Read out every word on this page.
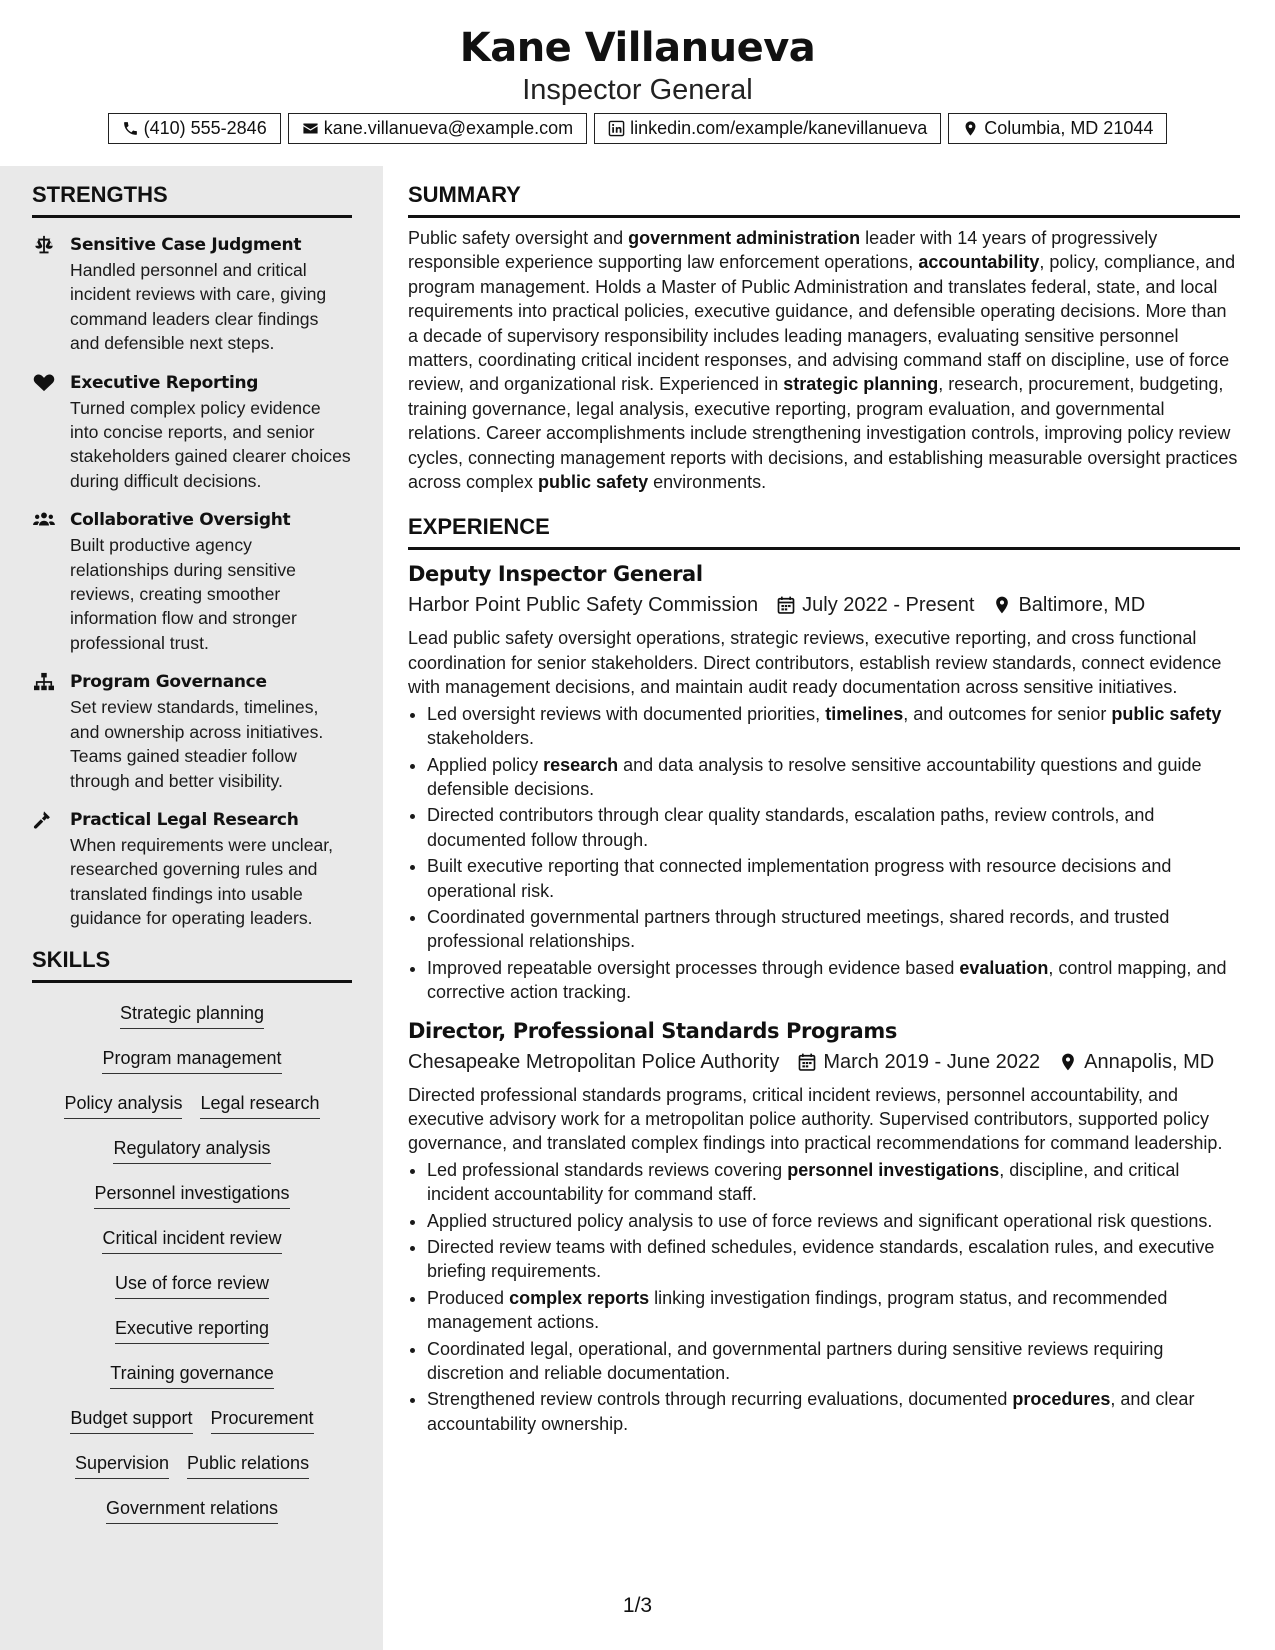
Kane Villanueva
Inspector General
(410) 555-2846	kane.villanueva@example.com	linkedin.com/example/kanevillanueva	Columbia, MD 21044
STRENGTHS
Sensitive Case Judgment
Handled personnel and critical incident reviews with care, giving command leaders clear findings and defensible next steps.
Executive Reporting
Turned complex policy evidence into concise reports, and senior stakeholders gained clearer choices during difficult decisions.
Collaborative Oversight
Built productive agency relationships during sensitive reviews, creating smoother information flow and stronger professional trust.
Program Governance
Set review standards, timelines, and ownership across initiatives. Teams gained steadier follow through and better visibility.
Practical Legal Research
When requirements were unclear, researched governing rules and translated findings into usable guidance for operating leaders.
SKILLS
Strategic planning
Program management
Policy analysis Legal research
Regulatory analysis
Personnel investigations
Critical incident review
Use of force review
Executive reporting
Training governance
Budget support Procurement
Supervision Public relations
Government relations
SUMMARY

Public safety oversight and government administration leader with 14 years of progressively responsible experience supporting law enforcement operations, accountability, policy, compliance, and program management. Holds a Master of Public Administration and translates federal, state, and local requirements into practical policies, executive guidance, and defensible operating decisions. More than a decade of supervisory responsibility includes leading managers, evaluating sensitive personnel matters, coordinating critical incident responses, and advising command staff on discipline, use of force review, and organizational risk. Experienced in strategic planning, research, procurement, budgeting, training governance, legal analysis, executive reporting, program evaluation, and governmental relations. Career accomplishments include strengthening investigation controls, improving policy review cycles, connecting management reports with decisions, and establishing measurable oversight practices across complex public safety environments.

EXPERIENCE
Deputy Inspector General
Harbor Point Public Safety Commission July 2022 - Present Baltimore, MD

Lead public safety oversight operations, strategic reviews, executive reporting, and cross functional coordination for senior stakeholders. Direct contributors, establish review standards, connect evidence with management decisions, and maintain audit ready documentation across sensitive initiatives.

• Led oversight reviews with documented priorities, timelines, and outcomes for senior public safety stakeholders.
• Applied policy research and data analysis to resolve sensitive accountability questions and guide defensible decisions.
• Directed contributors through clear quality standards, escalation paths, review controls, and documented follow through.
• Built executive reporting that connected implementation progress with resource decisions and operational risk.
• Coordinated governmental partners through structured meetings, shared records, and trusted professional relationships.
• Improved repeatable oversight processes through evidence based evaluation, control mapping, and corrective action tracking.
Director, Professional Standards Programs
Chesapeake Metropolitan Police Authority March 2019 - June 2022 Annapolis, MD

Directed professional standards programs, critical incident reviews, personnel accountability, and executive advisory work for a metropolitan police authority. Supervised contributors, supported policy governance, and translated complex findings into practical recommendations for command leadership.

• Led professional standards reviews covering personnel investigations, discipline, and critical incident accountability for command staff.
• Applied structured policy analysis to use of force reviews and significant operational risk questions.
• Directed review teams with defined schedules, evidence standards, escalation rules, and executive briefing requirements.
• Produced complex reports linking investigation findings, program status, and recommended management actions.
• Coordinated legal, operational, and governmental partners during sensitive reviews requiring discretion and reliable documentation.
• Strengthened review controls through recurring evaluations, documented procedures, and clear accountability ownership.
1/3
